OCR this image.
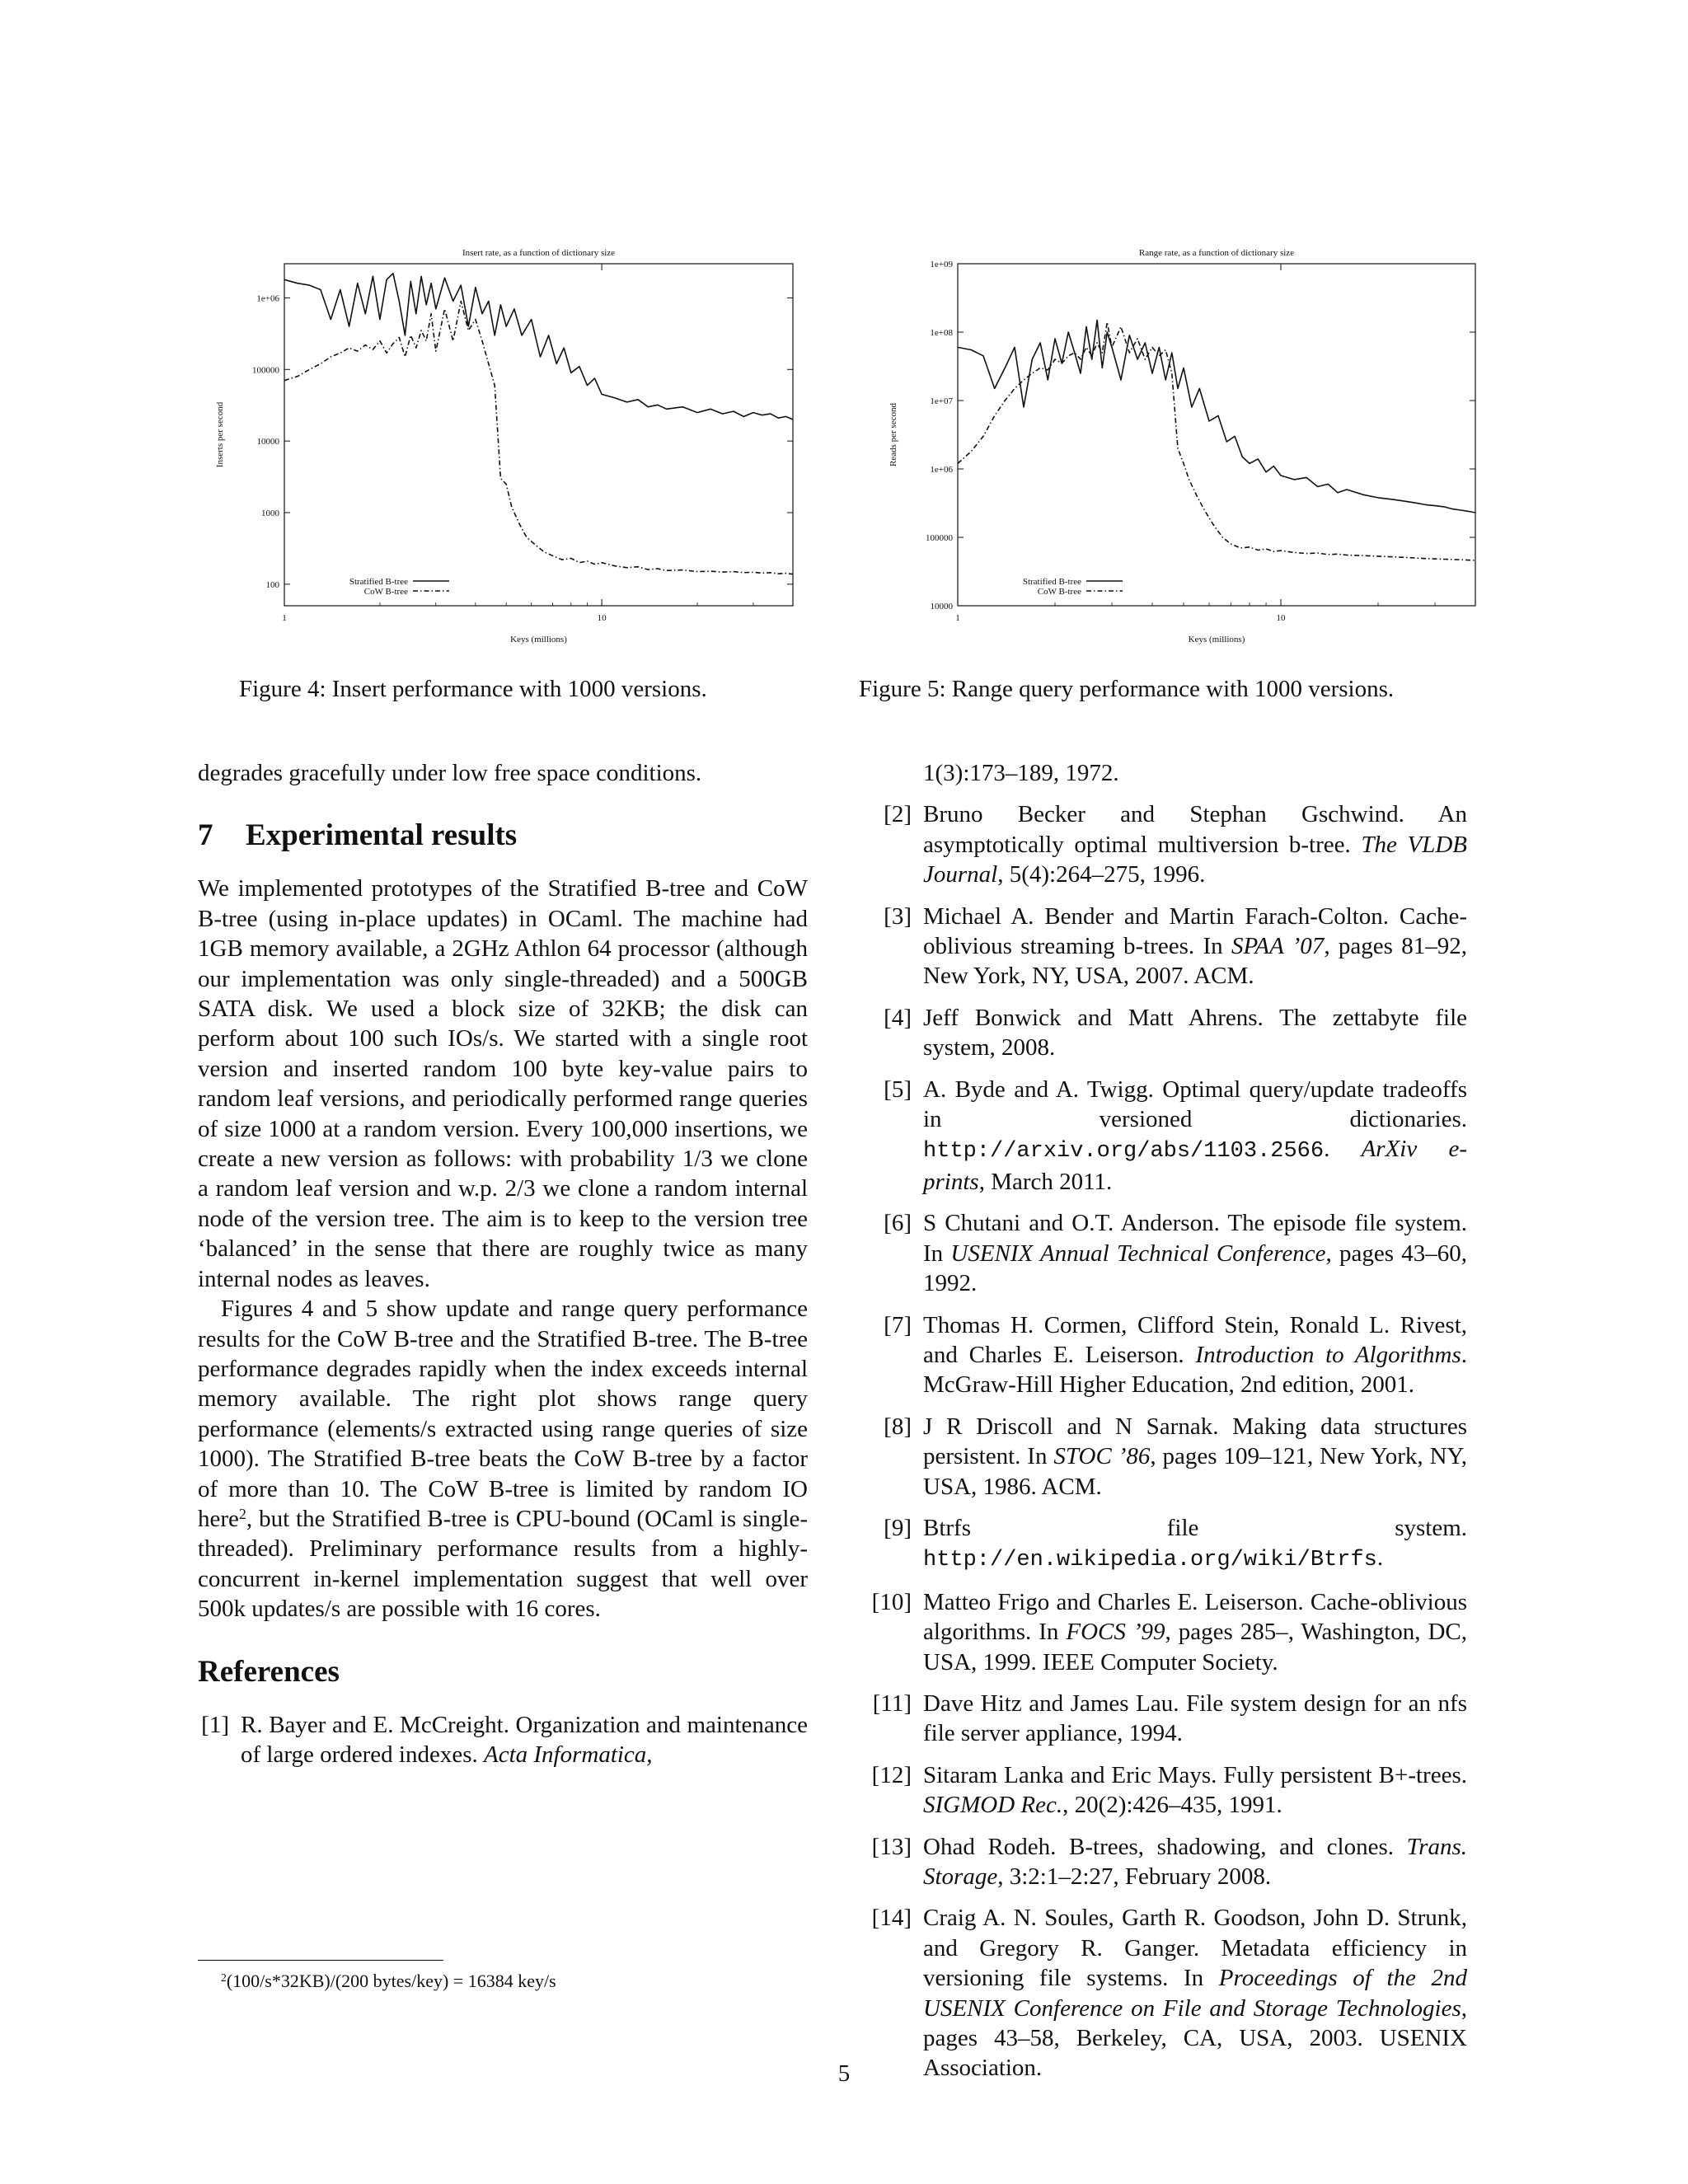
Insert rate, as a function of dictionary size
100
1000
10000
100000
1e+06
1	10
Keys (millions)
Inserts per second
Stratified B-tree
CoW B-tree
Figure 4: Insert performance with 1000 versions.
Range rate, as a function of dictionary size
10000
100000
1e+06
1e+07
1e+08
1e+09
1	10
Keys (millions)
Reads per second
Stratified B-tree
CoW B-tree
Figure 5: Range query performance with 1000 versions.

degrades gracefully under low free space conditions.

7 Experimental results

We implemented prototypes of the Stratified B-tree and CoW B-tree (using in-place updates) in OCaml. The machine had 1GB memory available, a 2GHz Athlon 64 processor (although our implementation was only single-threaded) and a 500GB SATA disk. We used a block size of 32KB; the disk can perform about 100 such IOs/s. We started with a single root version and inserted random 100 byte key-value pairs to random leaf versions, and periodically performed range queries of size 1000 at a random version. Every 100,000 insertions, we create a new version as follows: with probability 1/3 we clone a random leaf version and w.p. 2/3 we clone a random internal node of the version tree. The aim is to keep to the version tree ‘balanced’ in the sense that there are roughly twice as many internal nodes as leaves.

Figures 4 and 5 show update and range query performance results for the CoW B-tree and the Stratified B-tree. The B-tree performance degrades rapidly when the index exceeds internal memory available. The right plot shows range query performance (elements/s extracted using range queries of size 1000). The Stratified B-tree beats the CoW B-tree by a factor of more than 10. The CoW B-tree is limited by random IO here$^2$, but the Stratified B-tree is CPU-bound (OCaml is single-threaded). Preliminary performance results from a highly-concurrent in-kernel implementation suggest that well over 500k updates/s are possible with 16 cores.

References
[1] R. Bayer and E. McCreight. Organization and maintenance of large ordered indexes. Acta Informatica,
$^2$(100/s*32KB)/(200 bytes/key) = 16384 key/s
1(3):173–189, 1972.
[2] Bruno Becker and Stephan Gschwind. An asymptotically optimal multiversion b-tree. The VLDB Journal, 5(4):264–275, 1996.
[3] Michael A. Bender and Martin Farach-Colton. Cache-oblivious streaming b-trees. In SPAA ’07, pages 81–92, New York, NY, USA, 2007. ACM.
[4] Jeff Bonwick and Matt Ahrens. The zettabyte file system, 2008.
[5] A. Byde and A. Twigg. Optimal query/update tradeoffs in versioned dictionaries. http://arxiv.org/abs/1103.2566. ArXiv e-prints, March 2011.
[6] S Chutani and O.T. Anderson. The episode file system. In USENIX Annual Technical Conference, pages 43–60, 1992.
[7] Thomas H. Cormen, Clifford Stein, Ronald L. Rivest, and Charles E. Leiserson. Introduction to Algorithms. McGraw-Hill Higher Education, 2nd edition, 2001.
[8] J R Driscoll and N Sarnak. Making data structures persistent. In STOC ’86, pages 109–121, New York, NY, USA, 1986. ACM.
[9] Btrfs file system. http://en.wikipedia.org/wiki/Btrfs.
[10] Matteo Frigo and Charles E. Leiserson. Cache-oblivious algorithms. In FOCS ’99, pages 285–, Washington, DC, USA, 1999. IEEE Computer Society.
[11] Dave Hitz and James Lau. File system design for an nfs file server appliance, 1994.
[12] Sitaram Lanka and Eric Mays. Fully persistent B+-trees. SIGMOD Rec., 20(2):426–435, 1991.
[13] Ohad Rodeh. B-trees, shadowing, and clones. Trans. Storage, 3:2:1–2:27, February 2008.
[14] Craig A. N. Soules, Garth R. Goodson, John D. Strunk, and Gregory R. Ganger. Metadata efficiency in versioning file systems. In Proceedings of the 2nd USENIX Conference on File and Storage Technologies, pages 43–58, Berkeley, CA, USA, 2003. USENIX Association.
5
